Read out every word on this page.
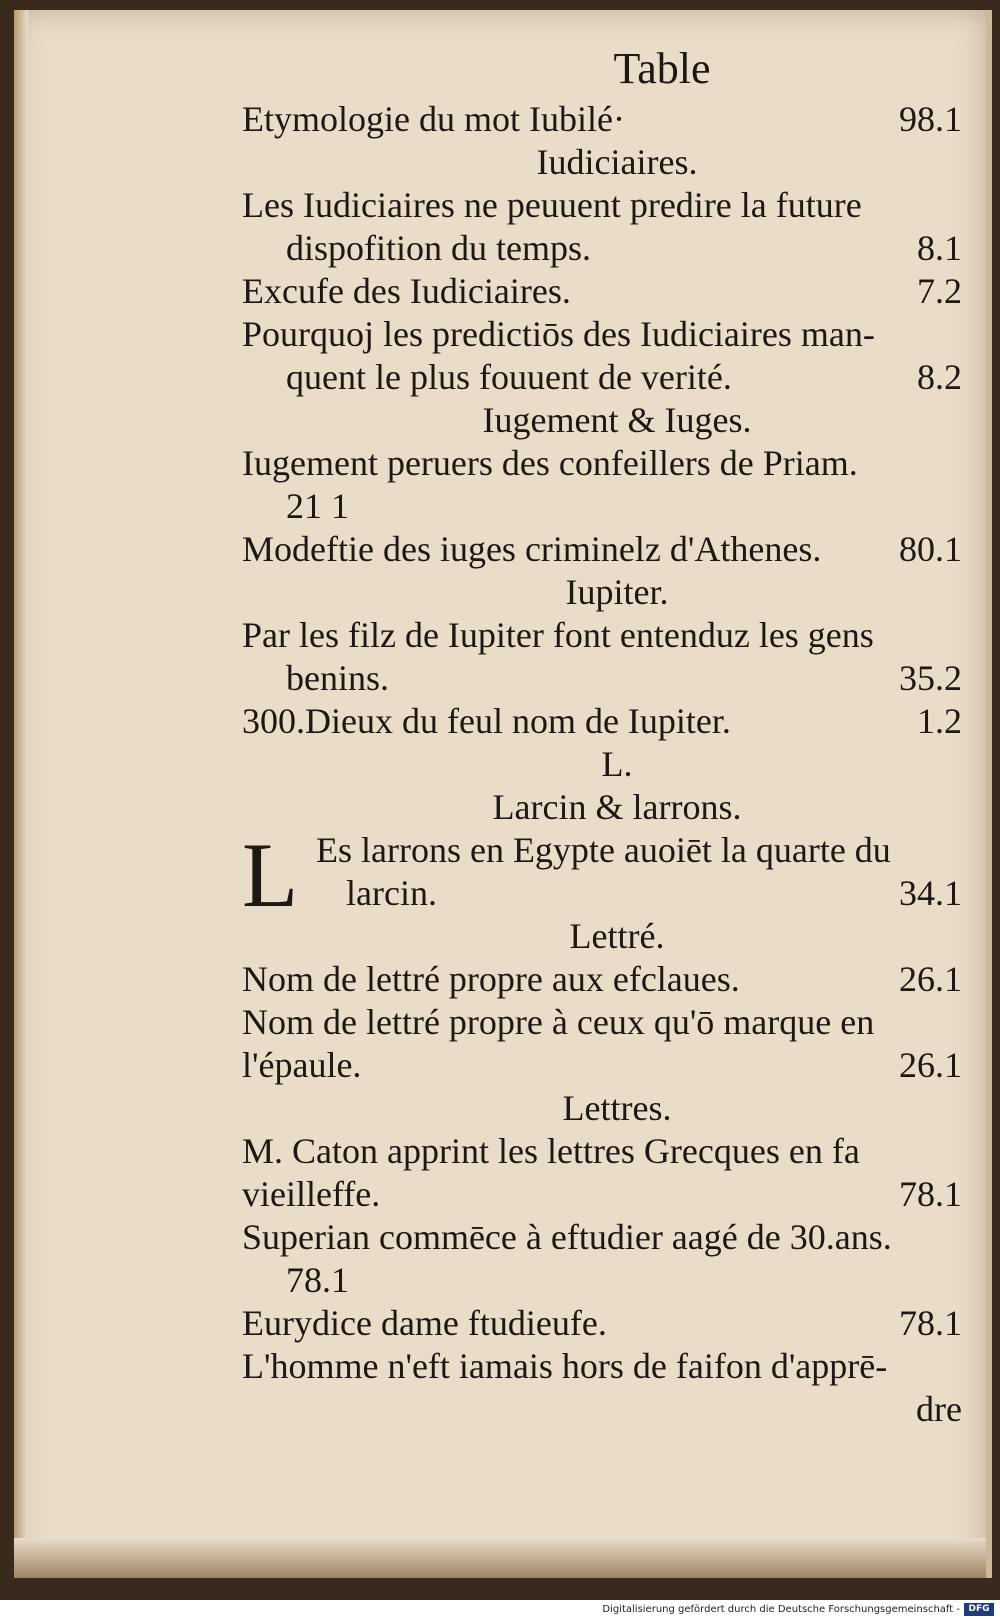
Table
Etymologie du mot Iubilé·	98.1
Iudiciaires.
Les Iudiciaires ne peuuent predire la future
dispofition du temps.	8.1
Excufe des Iudiciaires.	7.2
Pourquoj les predictiōs des Iudiciaires man-
quent le plus fouuent de verité.	8.2
Iugement & Iuges.
Iugement peruers des confeillers de Priam.
21 1
Modeftie des iuges criminelz d'Athenes. 80.1
Iupiter.
Par les filz de Iupiter font entenduz les gens
benins.	35.2
300.Dieux du feul nom de Iupiter.	1.2
L.
Larcin & larrons.
L Es larrons en Egypte auoiēt la quarte du
larcin.	34.1
Lettré.
Nom de lettré propre aux efclaues.	26.1
Nom de lettré propre à ceux qu'ō marque en
l'épaule.	26.1
Lettres.
M. Caton apprint les lettres Grecques en fa
vieilleffe.	78.1
Superian commēce à eftudier aagé de 30.ans.
78.1
Eurydice dame ftudieufe.	78.1
L'homme n'eft iamais hors de faifon d'apprē-
dre
Digitalisierung gefördert durch die Deutsche Forschungsgemeinschaft - DFG
